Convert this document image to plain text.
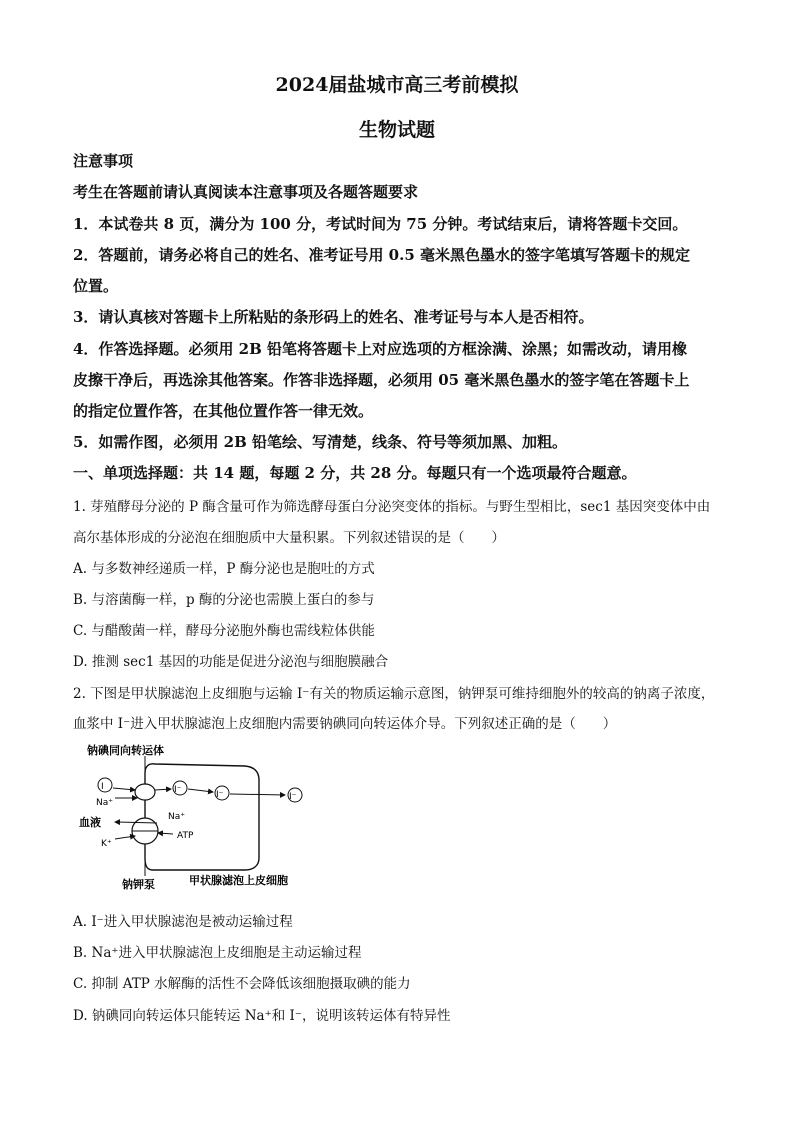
2024届盐城市高三考前模拟
生物试题
注意事项
考生在答题前请认真阅读本注意事项及各题答题要求
1．本试卷共 8 页，满分为 100 分，考试时间为 75 分钟。考试结束后，请将答题卡交回。
2．答题前，请务必将自己的姓名、准考证号用 0.5 毫米黑色墨水的签字笔填写答题卡的规定
位置。
3．请认真核对答题卡上所粘贴的条形码上的姓名、准考证号与本人是否相符。
4．作答选择题。必须用 2B 铅笔将答题卡上对应选项的方框涂满、涂黑；如需改动，请用橡
皮擦干净后，再选涂其他答案。作答非选择题，必须用 05 毫米黑色墨水的签字笔在答题卡上
的指定位置作答，在其他位置作答一律无效。
5．如需作图，必须用 2B 铅笔绘、写清楚，线条、符号等须加黑、加粗。
一、单项选择题：共 14 题，每题 2 分，共 28 分。每题只有一个选项最符合题意。
1. 芽殖酵母分泌的 P 酶含量可作为筛选酵母蛋白分泌突变体的指标。与野生型相比，sec1 基因突变体中由
高尔基体形成的分泌泡在细胞质中大量积累。下列叙述错误的是（　　）
A. 与多数神经递质一样，P 酶分泌也是胞吐的方式
B. 与溶菌酶一样，p 酶的分泌也需膜上蛋白的参与
C. 与醋酸菌一样，酵母分泌胞外酶也需线粒体供能
D. 推测 sec1 基因的功能是促进分泌泡与细胞膜融合
2. 下图是甲状腺滤泡上皮细胞与运输 I⁻有关的物质运输示意图，钠钾泵可维持细胞外的较高的钠离子浓度，
血浆中 I⁻进入甲状腺滤泡上皮细胞内需要钠碘同向转运体介导。下列叙述正确的是（　　）
钠碘同向转运体
I	I⁻	I⁻	I⁻
Na⁺
血液	Na⁺
ATP
K⁺
钠钾泵	甲状腺滤泡上皮细胞
A. I⁻进入甲状腺滤泡是被动运输过程
B. Na⁺进入甲状腺滤泡上皮细胞是主动运输过程
C. 抑制 ATP 水解酶的活性不会降低该细胞摄取碘的能力
D. 钠碘同向转运体只能转运 Na⁺和 I⁻，说明该转运体有特异性
